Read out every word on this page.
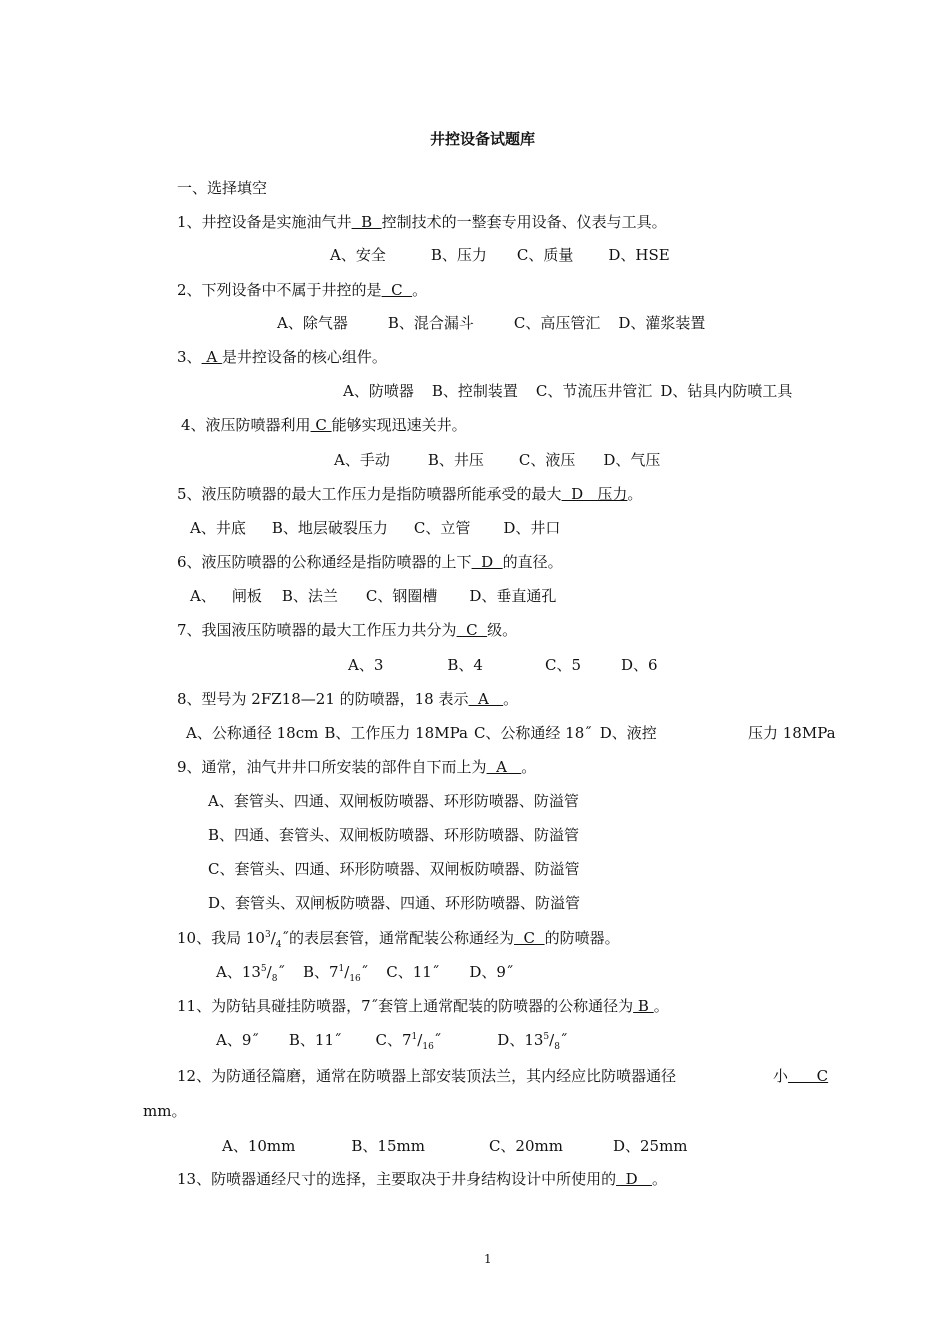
井控设备试题库
一、选择填空
1、井控设备是实施油气井  B  控制技术的一整套专用设备、仪表与工具。
A、安全	B、压力 C、质量 D、HSE
2、下列设备中不属于井控的是  C  。
A、除气器	B、混合漏斗	C、高压管汇 D、灌浆装置
3、 A 是井控设备的核心组件。
A、防喷器 B、控制装置 C、节流压井管汇 D、钻具内防喷工具
4、液压防喷器利用 C 能够实现迅速关井。
A、手动	B、井压 C、液压 D、气压
5、液压防喷器的最大工作压力是指防喷器所能承受的最大  D   压力。
A、井底 B、地层破裂压力 C、立管 D、井口
6、液压防喷器的公称通经是指防喷器的上下  D  的直径。
A、 闸板 B、法兰 C、钢圈槽 D、垂直通孔
7、我国液压防喷器的最大工作压力共分为  C  级。
A、3	B、4	C、5	D、6
8、型号为 2FZ18—21 的防喷器，18 表示  A   。
A、公称通径 18cm B、工作压力 18MPa C、公称通经 18˝ D、液控	压力 18MPa
9、通常，油气井井口所安装的部件自下而上为  A   。
A、套管头、四通、双闸板防喷器、环形防喷器、防溢管
B、四通、套管头、双闸板防喷器、环形防喷器、防溢管
C、套管头、四通、环形防喷器、双闸板防喷器、防溢管
D、套管头、双闸板防喷器、四通、环形防喷器、防溢管
10、我局 $10^3/_4˝$的表层套管，通常配装公称通经为  C  的防喷器。
A、$13^5/_8˝$ B、$7^1/_{16}˝$ C、11˝ D、9˝
11、为防钻具碰挂防喷器，7˝套管上通常配装的防喷器的公称通径为 B 。
A、9˝ B、11˝ C、$7^1/_{16}˝$	D、$13^5/_8˝$
12、为防通径篇磨，通常在防喷器上部安装顶法兰，其内经应比防喷器通径	小      C
mm。
A、10mm	B、15mm	C、20mm	D、25mm
13、防喷器通经尺寸的选择，主要取决于井身结构设计中所使用的  D   。
1
